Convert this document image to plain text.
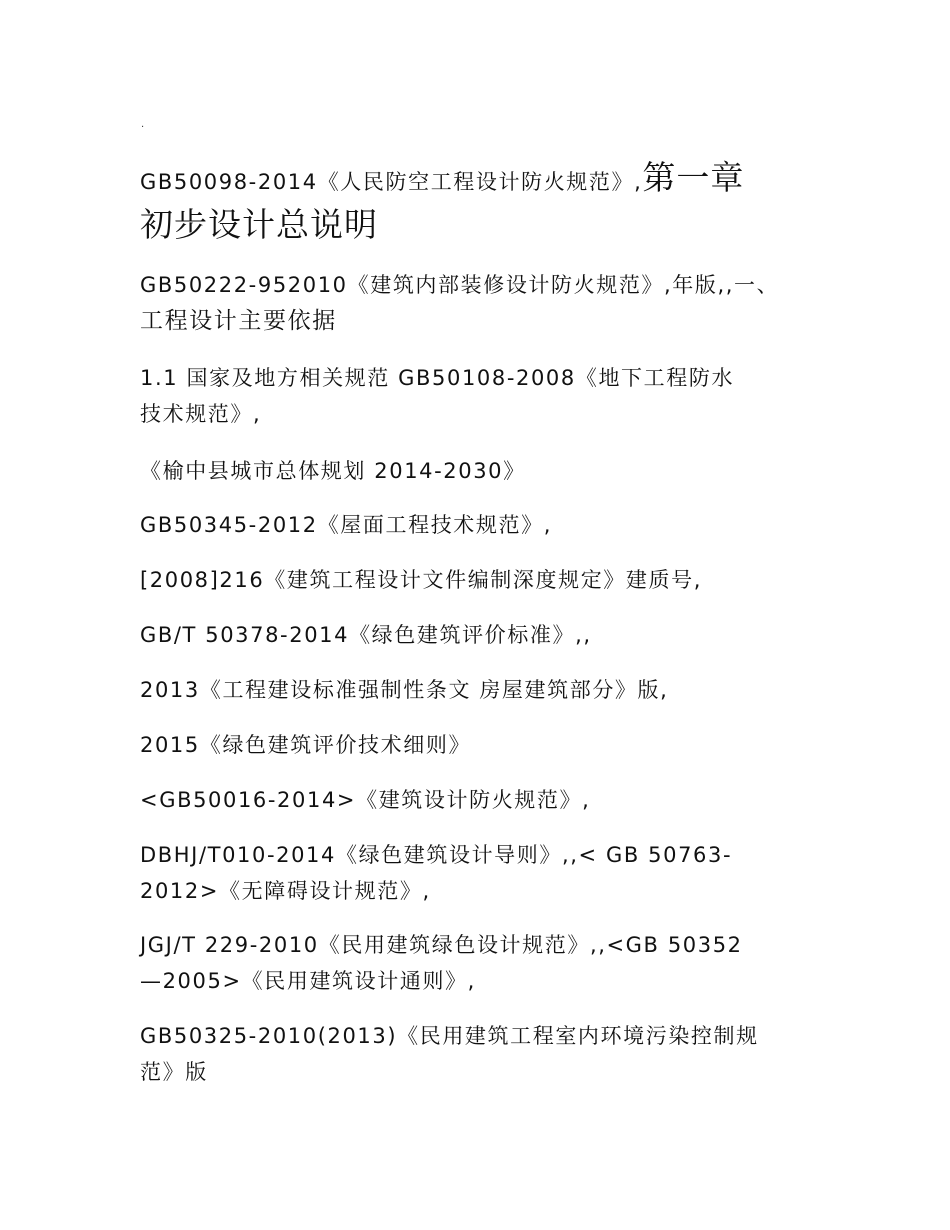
.
GB50098-2014《人民防空工程设计防火规范》,第一章
初步设计总说明
GB50222-952010《建筑内部装修设计防火规范》,年版,,一、
工程设计主要依据
1.1 国家及地方相关规范 GB50108-2008《地下工程防水
技术规范》,
《榆中县城市总体规划 2014-2030》
GB50345-2012《屋面工程技术规范》,
[2008]216《建筑工程设计文件编制深度规定》建质号,
GB/T 50378-2014《绿色建筑评价标准》,,
2013《工程建设标准强制性条文 房屋建筑部分》版,
2015《绿色建筑评价技术细则》
<GB50016-2014>《建筑设计防火规范》,
DBHJ/T010-2014《绿色建筑设计导则》,,< GB 50763-
2012>《无障碍设计规范》,
JGJ/T 229-2010《民用建筑绿色设计规范》,,<GB 50352
—2005>《民用建筑设计通则》,
GB50325-2010(2013)《民用建筑工程室内环境污染控制规
范》版
